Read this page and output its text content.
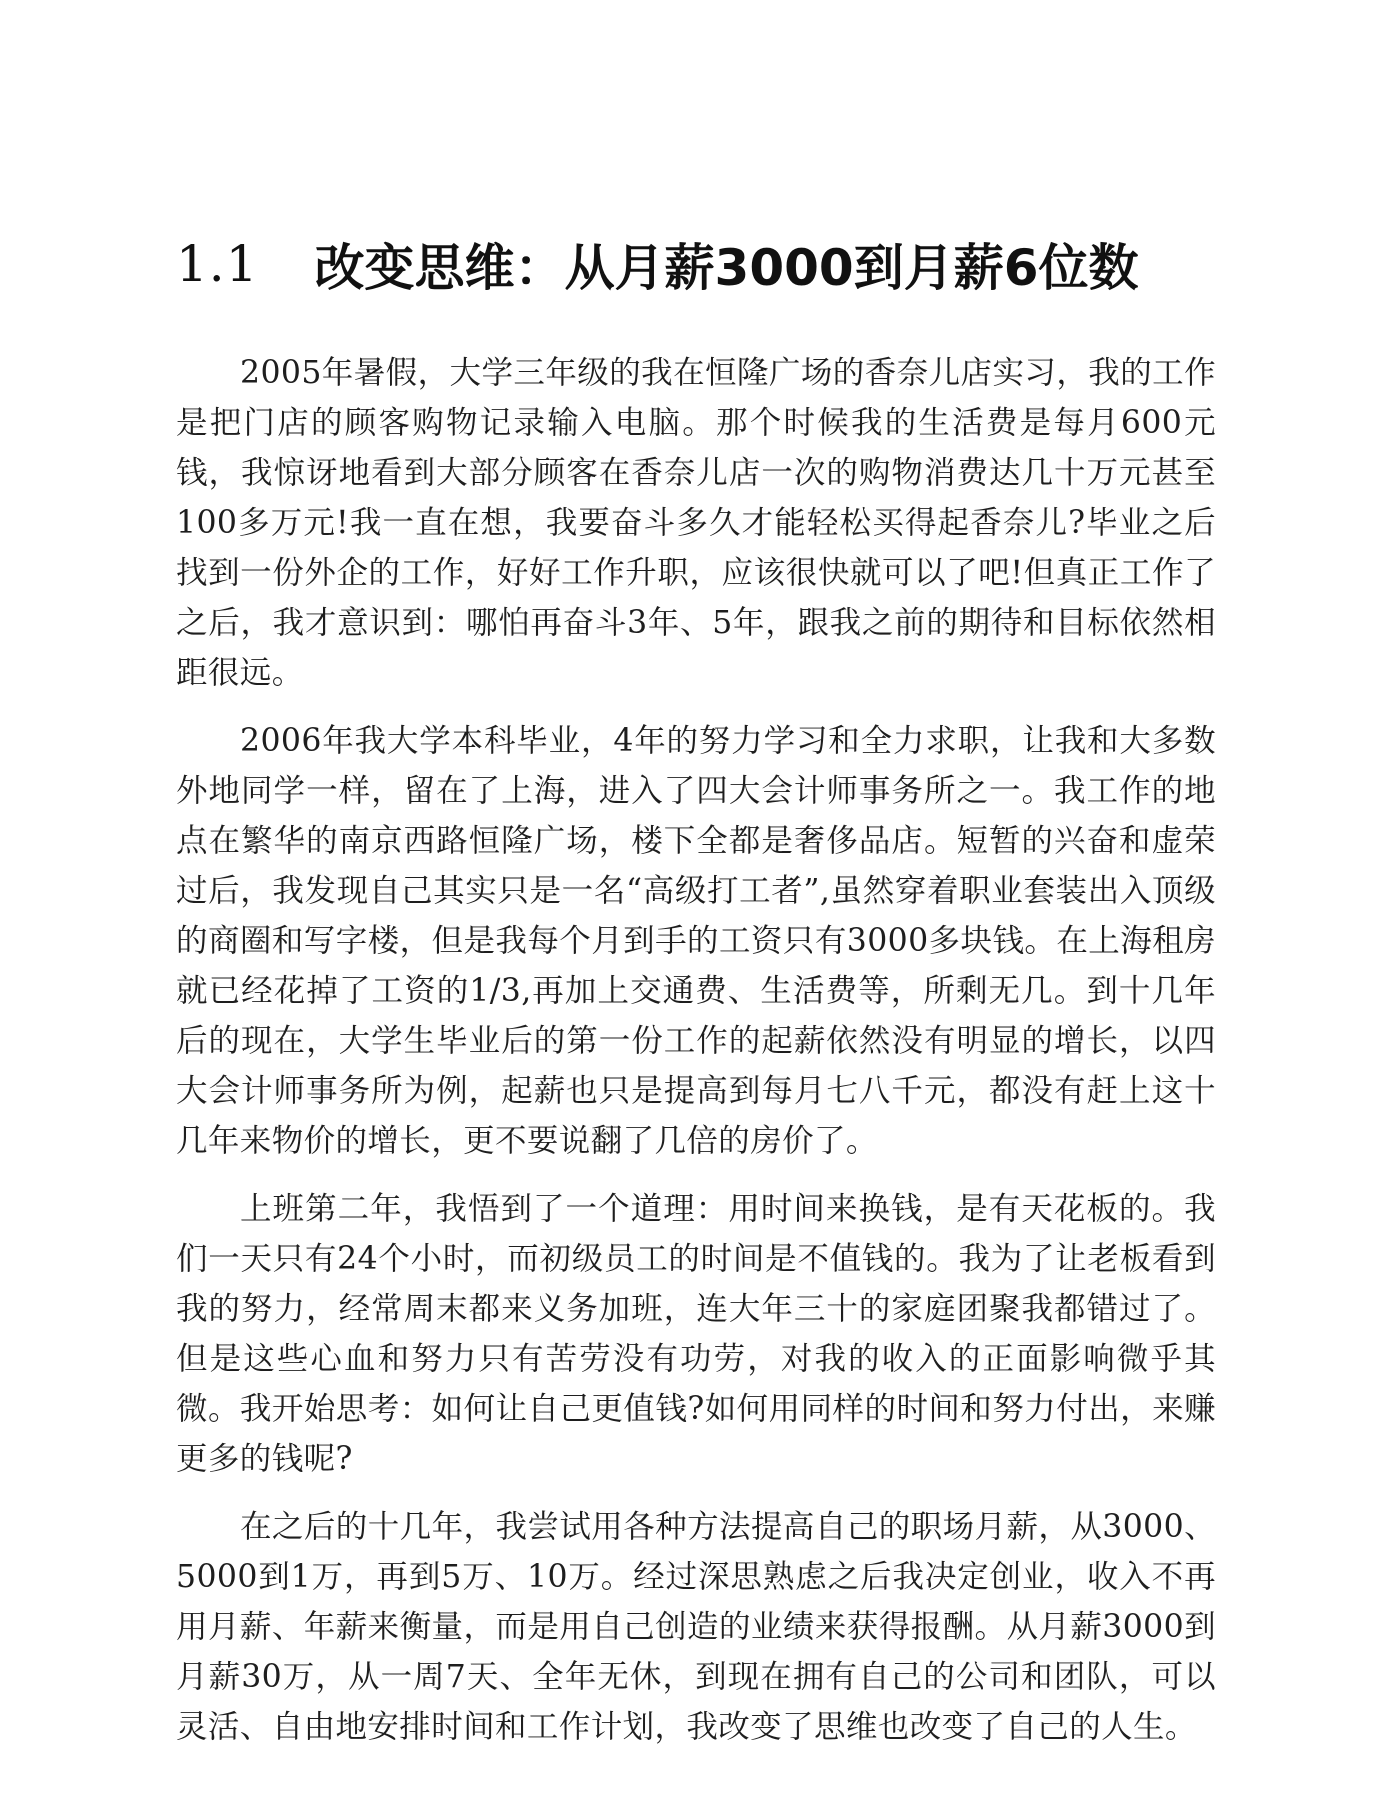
1.1 改变思维：从月薪3000到月薪6位数

2005年暑假，大学三年级的我在恒隆广场的香奈儿店实习，我的工作是把门店的顾客购物记录输入电脑。那个时候我的生活费是每月600元钱，我惊讶地看到大部分顾客在香奈儿店一次的购物消费达几十万元甚至100多万元!我一直在想，我要奋斗多久才能轻松买得起香奈儿?毕业之后找到一份外企的工作，好好工作升职，应该很快就可以了吧!但真正工作了之后，我才意识到：哪怕再奋斗3年、5年，跟我之前的期待和目标依然相距很远。

2006年我大学本科毕业，4年的努力学习和全力求职，让我和大多数外地同学一样，留在了上海，进入了四大会计师事务所之一。我工作的地点在繁华的南京西路恒隆广场，楼下全都是奢侈品店。短暂的兴奋和虚荣过后，我发现自己其实只是一名“高级打工者”,虽然穿着职业套装出入顶级的商圈和写字楼，但是我每个月到手的工资只有3000多块钱。在上海租房就已经花掉了工资的1/3,再加上交通费、生活费等，所剩无几。到十几年后的现在，大学生毕业后的第一份工作的起薪依然没有明显的增长，以四大会计师事务所为例，起薪也只是提高到每月七八千元，都没有赶上这十几年来物价的增长，更不要说翻了几倍的房价了。

上班第二年，我悟到了一个道理：用时间来换钱，是有天花板的。我们一天只有24个小时，而初级员工的时间是不值钱的。我为了让老板看到我的努力，经常周末都来义务加班，连大年三十的家庭团聚我都错过了。但是这些心血和努力只有苦劳没有功劳，对我的收入的正面影响微乎其微。我开始思考：如何让自己更值钱?如何用同样的时间和努力付出，来赚更多的钱呢?

在之后的十几年，我尝试用各种方法提高自己的职场月薪，从3000、5000到1万，再到5万、10万。经过深思熟虑之后我决定创业，收入不再用月薪、年薪来衡量，而是用自己创造的业绩来获得报酬。从月薪3000到月薪30万，从一周7天、全年无休，到现在拥有自己的公司和团队，可以灵活、自由地安排时间和工作计划，我改变了思维也改变了自己的人生。
